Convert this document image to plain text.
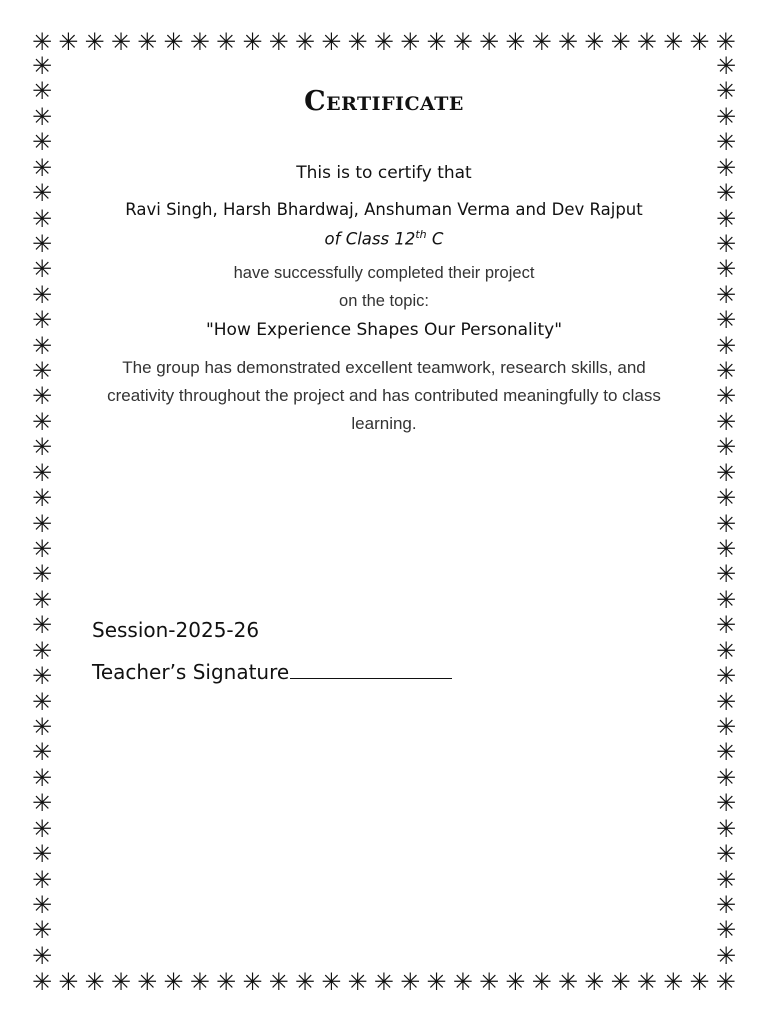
✳ ✳ ✳ ✳ ✳ ✳ ✳ ✳ ✳ ✳ ✳ ✳ ✳ ✳ ✳ ✳ ✳ ✳ ✳ ✳ ✳ ✳ ✳ ✳ ✳ ✳ ✳
✳ ✳ ✳ ✳ ✳ ✳ ✳ ✳ ✳ ✳ ✳ ✳ ✳ ✳ ✳ ✳ ✳ ✳ ✳ ✳ ✳ ✳ ✳ ✳ ✳ ✳ ✳
✳
✳
✳
✳
✳
✳
✳
✳
✳
✳
✳
✳
✳
✳
✳
✳
✳
✳
✳
✳
✳
✳
✳
✳
✳
✳
✳
✳
✳
✳
✳
✳
✳
✳
✳
✳
✳
✳
✳
✳
✳
✳
✳
✳
✳
✳
✳
✳
✳
✳
✳
✳
✳
✳
✳
✳
✳
✳
✳
✳
✳
✳
✳
✳
✳
✳
✳
✳
✳
✳
✳
✳
Certificate
This is to certify that
Ravi Singh, Harsh Bhardwaj, Anshuman Verma and Dev Rajput
of Class 12th C
have successfully completed their project
on the topic:
"How Experience Shapes Our Personality"
The group has demonstrated excellent teamwork, research skills, and creativity throughout the project and has contributed meaningfully to class learning.
Session-2025-26
Teacher’s Signature
